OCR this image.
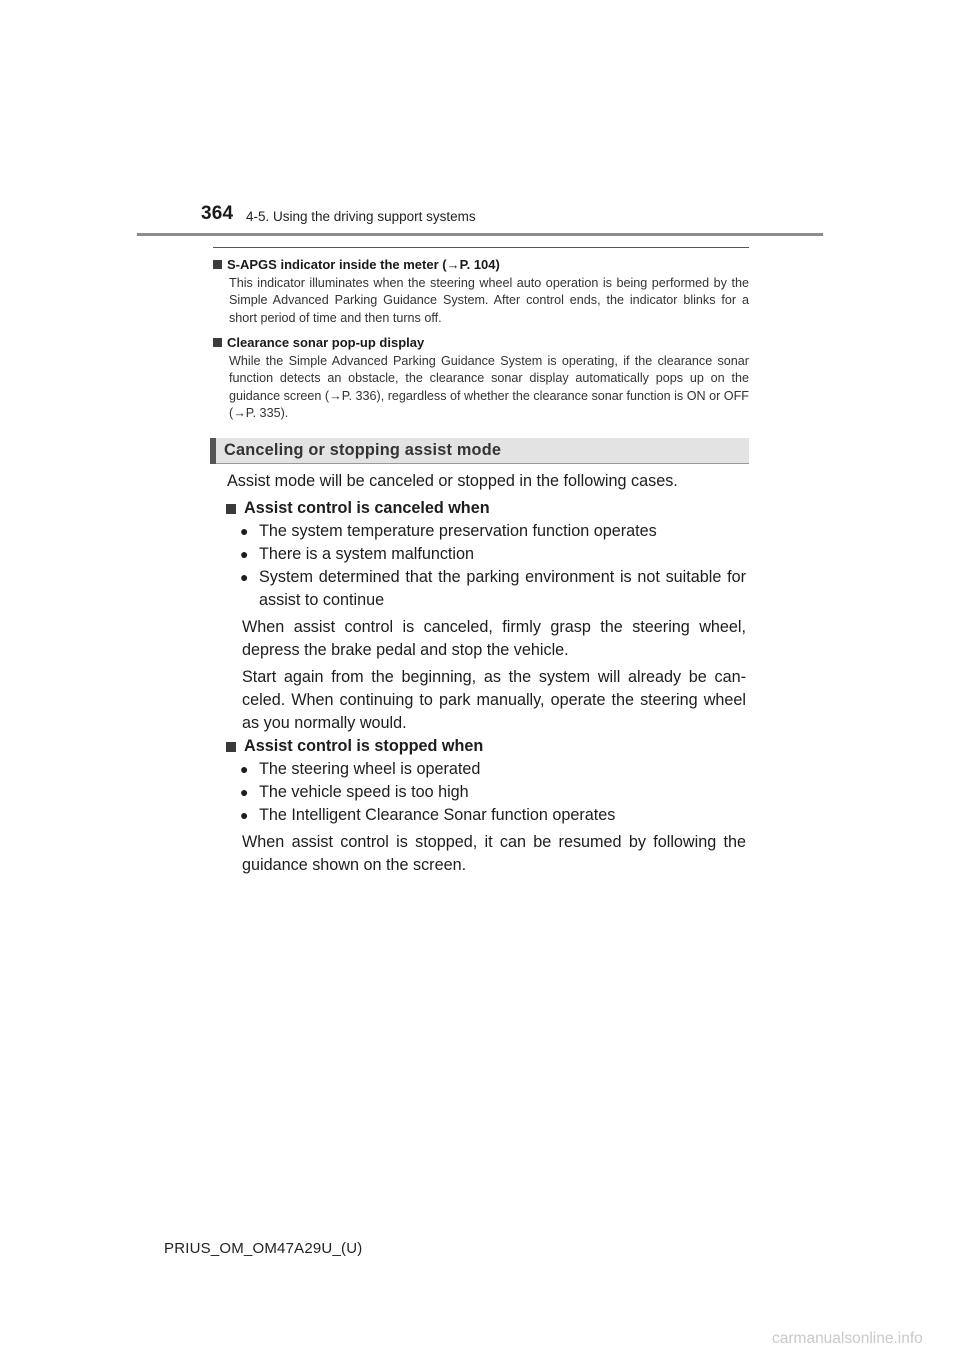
364 4-5. Using the driving support systems
S-APGS indicator inside the meter (→P. 104)
This indicator illuminates when the steering wheel auto operation is being performed by the Simple Advanced Parking Guidance System. After control ends, the indicator blinks for a short period of time and then turns off.
Clearance sonar pop-up display
While the Simple Advanced Parking Guidance System is operating, if the clearance sonar function detects an obstacle, the clearance sonar display automatically pops up on the guidance screen (→P. 336), regardless of whether the clearance sonar function is ON or OFF (→P. 335).
Canceling or stopping assist mode
Assist mode will be canceled or stopped in the following cases.
Assist control is canceled when
● The system temperature preservation function operates
● There is a system malfunction
● System determined that the parking environment is not suitable for assist to continue
When assist control is canceled, firmly grasp the steering wheel, depress the brake pedal and stop the vehicle.
Start again from the beginning, as the system will already be can-celed. When continuing to park manually, operate the steering wheel as you normally would.
Assist control is stopped when
● The steering wheel is operated
● The vehicle speed is too high
● The Intelligent Clearance Sonar function operates
When assist control is stopped, it can be resumed by following the guidance shown on the screen.
PRIUS_OM_OM47A29U_(U)
carmanualsonline.info
